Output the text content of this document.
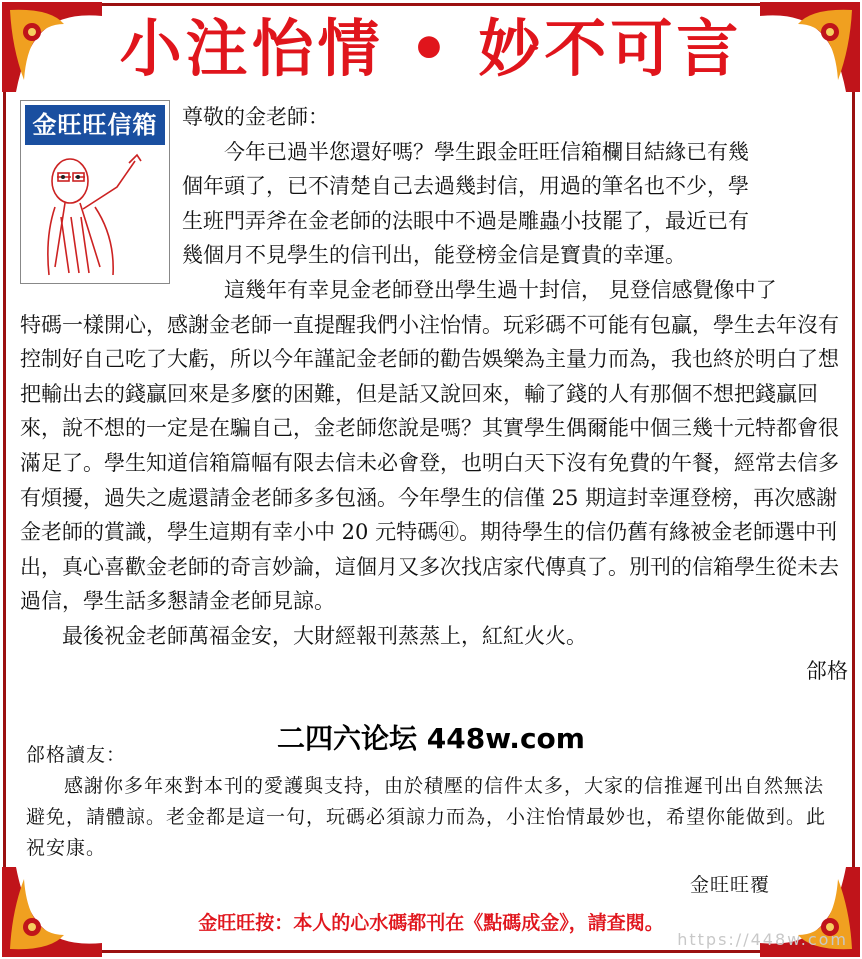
小注怡情 • 妙不可言
金旺旺信箱	尊敬的金老師：

今年已過半您還好嗎？學生跟金旺旺信箱欄目結緣已有幾

個年頭了，已不清楚自己去過幾封信，用過的筆名也不少，學

生班門弄斧在金老師的法眼中不過是雕蟲小技罷了，最近已有

幾個月不見學生的信刊出，能登榜金信是寶貴的幸運。

這幾年有幸見金老師登出學生過十封信， 見登信感覺像中了

特碼一樣開心，感謝金老師一直提醒我們小注怡情。玩彩碼不可能有包贏，學生去年沒有控制好自己吃了大虧，所以今年謹記金老師的勸告娛樂為主量力而為，我也終於明白了想把輸出去的錢贏回來是多麼的困難，但是話又說回來，輸了錢的人有那個不想把錢贏回來，說不想的一定是在騙自己，金老師您說是嗎？其實學生偶爾能中個三幾十元特都會很滿足了。學生知道信箱篇幅有限去信未必會登，也明白天下沒有免費的午餐，經常去信多有煩擾，過失之處還請金老師多多包涵。今年學生的信僅 25 期這封幸運登榜，再次感謝金老師的賞識，學生這期有幸小中 20 元特碼㊶。期待學生的信仍舊有緣被金老師選中刊出，真心喜歡金老師的奇言妙論，這個月又多次找店家代傳真了。別刊的信箱學生從未去過信，學生話多懇請金老師見諒。

最後祝金老師萬福金安，大財經報刊蒸蒸上，紅紅火火。

郃格

二四六论坛 448w.com

郃格讀友：

感謝你多年來對本刊的愛護與支持，由於積壓的信件太多，大家的信推遲刊出自然無法避免，請體諒。老金都是這一句，玩碼必須諒力而為，小注怡情最妙也，希望你能做到。此祝安康。

金旺旺覆
金旺旺按：本人的心水碼都刊在《點碼成金》，請查閱。
https://448w.com
